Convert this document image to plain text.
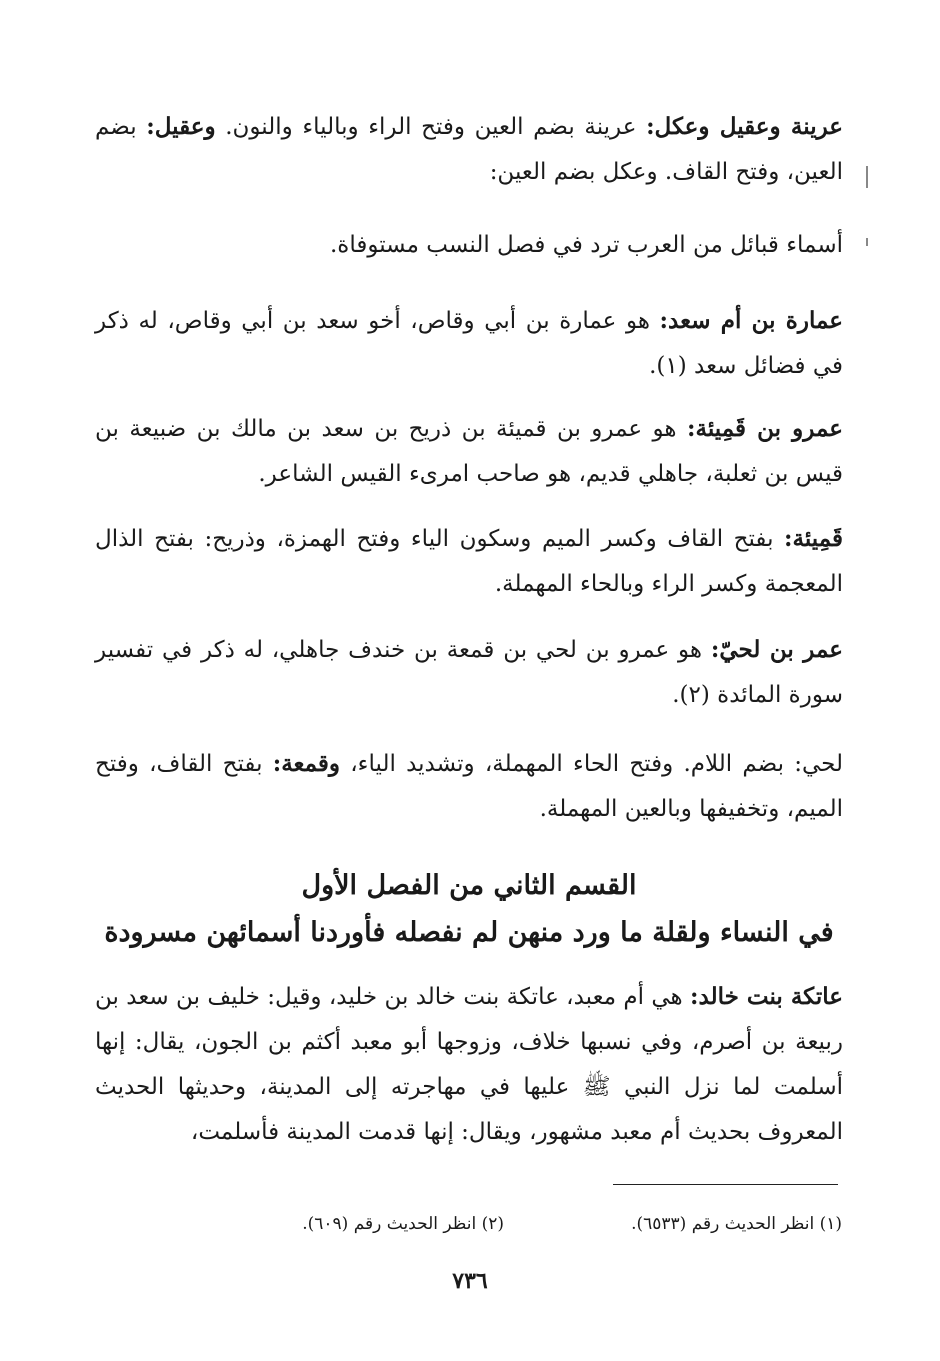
عرينة وعقيل وعكل: عرينة بضم العين وفتح الراء وبالياء والنون. وعقيل: بضم العين، وفتح القاف. وعكل بضم العين:
أسماء قبائل من العرب ترد في فصل النسب مستوفاة.
عمارة بن أم سعد: هو عمارة بن أبي وقاص، أخو سعد بن أبي وقاص، له ذكر في فضائل سعد (١).
عمرو بن قَمِيئة: هو عمرو بن قميئة بن ذريح بن سعد بن مالك بن ضبيعة بن قيس بن ثعلبة، جاهلي قديم، هو صاحب امرىء القيس الشاعر.
قَمِيئة: بفتح القاف وكسر الميم وسكون الياء وفتح الهمزة، وذريح: بفتح الذال المعجمة وكسر الراء وبالحاء المهملة.
عمر بن لحيّ: هو عمرو بن لحي بن قمعة بن خندف جاهلي، له ذكر في تفسير سورة المائدة (٢).
لحي: بضم اللام. وفتح الحاء المهملة، وتشديد الياء، وقمعة: بفتح القاف، وفتح الميم، وتخفيفها وبالعين المهملة.
القسم الثاني من الفصل الأول
في النساء ولقلة ما ورد منهن لم نفصله فأوردنا أسمائهن مسرودة
عاتكة بنت خالد: هي أم معبد، عاتكة بنت خالد بن خليد، وقيل: خليف بن سعد بن ربيعة بن أصرم، وفي نسبها خلاف، وزوجها أبو معبد أكثم بن الجون، يقال: إنها أسلمت لما نزل النبي ﷺ عليها في مهاجرته إلى المدينة، وحديثها الحديث المعروف بحديث أم معبد مشهور، ويقال: إنها قدمت المدينة فأسلمت،
(١) انظر الحديث رقم (٦٥٣٣).
(٢) انظر الحديث رقم (٦٠٩).
٧٣٦
